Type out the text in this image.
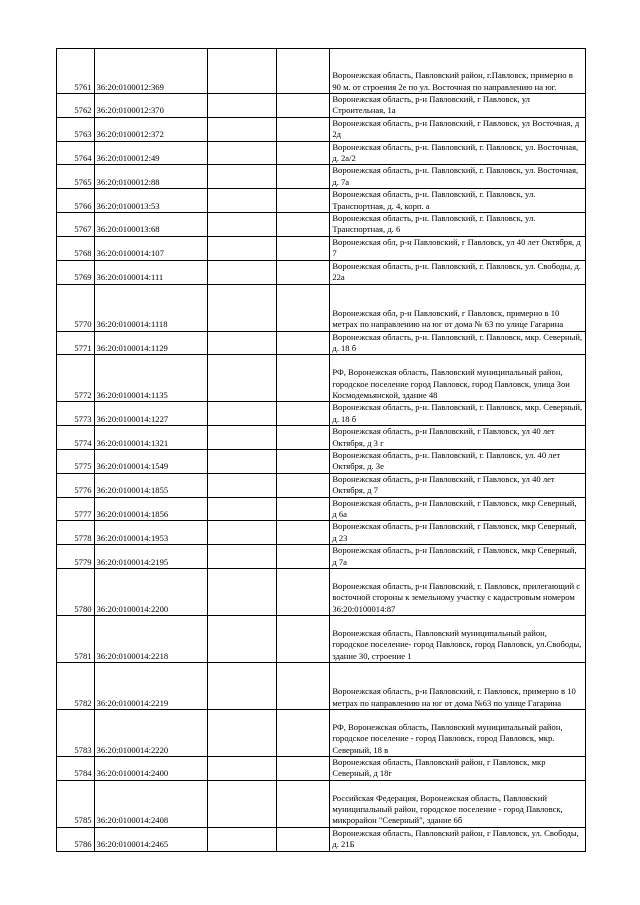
5761	36:20:0100012:369			Воронежская область, Павловский район, г.Павловск, примерно в 90 м. от строения 2е по ул. Восточная по направлению на юг.
5762	36:20:0100012:370			Воронежская область, р-н Павловский, г Павловск, ул Строительная, 1а
5763	36:20:0100012:372			Воронежская область, р-н Павловский, г Павловск, ул Восточная, д 2д
5764	36:20:0100012:49			Воронежская область, р-н. Павловский, г. Павловск, ул. Восточная, д. 2а/2
5765	36:20:0100012:88			Воронежская область, р-н. Павловский, г. Павловск, ул. Восточная, д. 7а
5766	36:20:0100013:53			Воронежская область, р-н. Павловский, г. Павловск, ул. Транспортная, д. 4, корп. а
5767	36:20:0100013:68			Воронежская область, р-н. Павловский, г. Павловск, ул. Транспортная, д. 6
5768	36:20:0100014:107			Воронежская обл, р-н Павловский, г Павловск, ул 40 лет Октября, д 7
5769	36:20:0100014:111			Воронежская область, р-н. Павловский, г. Павловск, ул. Свободы, д. 22а
5770	36:20:0100014:1118			Воронежская обл, р-н Павловский, г Павловск, примерно в 10 метрах по направлению на юг от дома № 63 по улице Гагарина
5771	36:20:0100014:1129			Воронежская область, р-н. Павловский, г. Павловск, мкр. Северный, д. 18 б
5772	36:20:0100014:1135			РФ, Воронежская область, Павловский муниципальный район, городское поселение город Павловск, город Павловск, улица Зои Космодемьянской, здание 48
5773	36:20:0100014:1227			Воронежская область, р-н. Павловский, г. Павловск, мкр. Северный, д. 18 б
5774	36:20:0100014:1321			Воронежская область, р-н Павловский, г Павловск, ул 40 лет Октября, д 3 г
5775	36:20:0100014:1549			Воронежская область, р-н. Павловский, г. Павловск, ул. 40 лет Октября, д. 3е
5776	36:20:0100014:1855			Воронежская область, р-н Павловский, г Павловск, ул 40 лет Октября, д 7
5777	36:20:0100014:1856			Воронежская область, р-н Павловский, г Павловск, мкр Северный, д 6а
5778	36:20:0100014:1953			Воронежская область, р-н Павловский, г Павловск, мкр Северный, д 23
5779	36:20:0100014:2195			Воронежская область, р-н Павловский, г Павловск, мкр Северный, д 7а
5780	36:20:0100014:2200			Воронежская область, р-н Павловский, г. Павловск, прилегающий с восточной стороны к земельному участку с кадастровым номером 36:20:0100014:87
5781	36:20:0100014:2218			Воронежская область, Павловский муниципальный район, городское поселение- город Павловск, город Павловск, ул.Свободы, здание 30, строение 1
5782	36:20:0100014:2219			Воронежская область, р-н Павловский, г. Павловск, примерно в 10 метрах по направлению на юг от дома №63 по улице Гагарина
5783	36:20:0100014:2220			РФ, Воронежская область, Павловский муниципальный район, городское поселение - город Павловск, город Павловск, мкр. Северный, 18 в
5784	36:20:0100014:2400			Воронежская область, Павловский район, г Павловск, мкр Северный, д 18г
5785	36:20:0100014:2408			Российская Федерация, Воронежская область, Павловский муниципальный район, городское поселение - город Павловск, микрорайон "Северный", здание 6б
5786	36:20:0100014:2465			Воронежская область, Павловский район, г Павловск, ул. Свободы, д. 21Б
